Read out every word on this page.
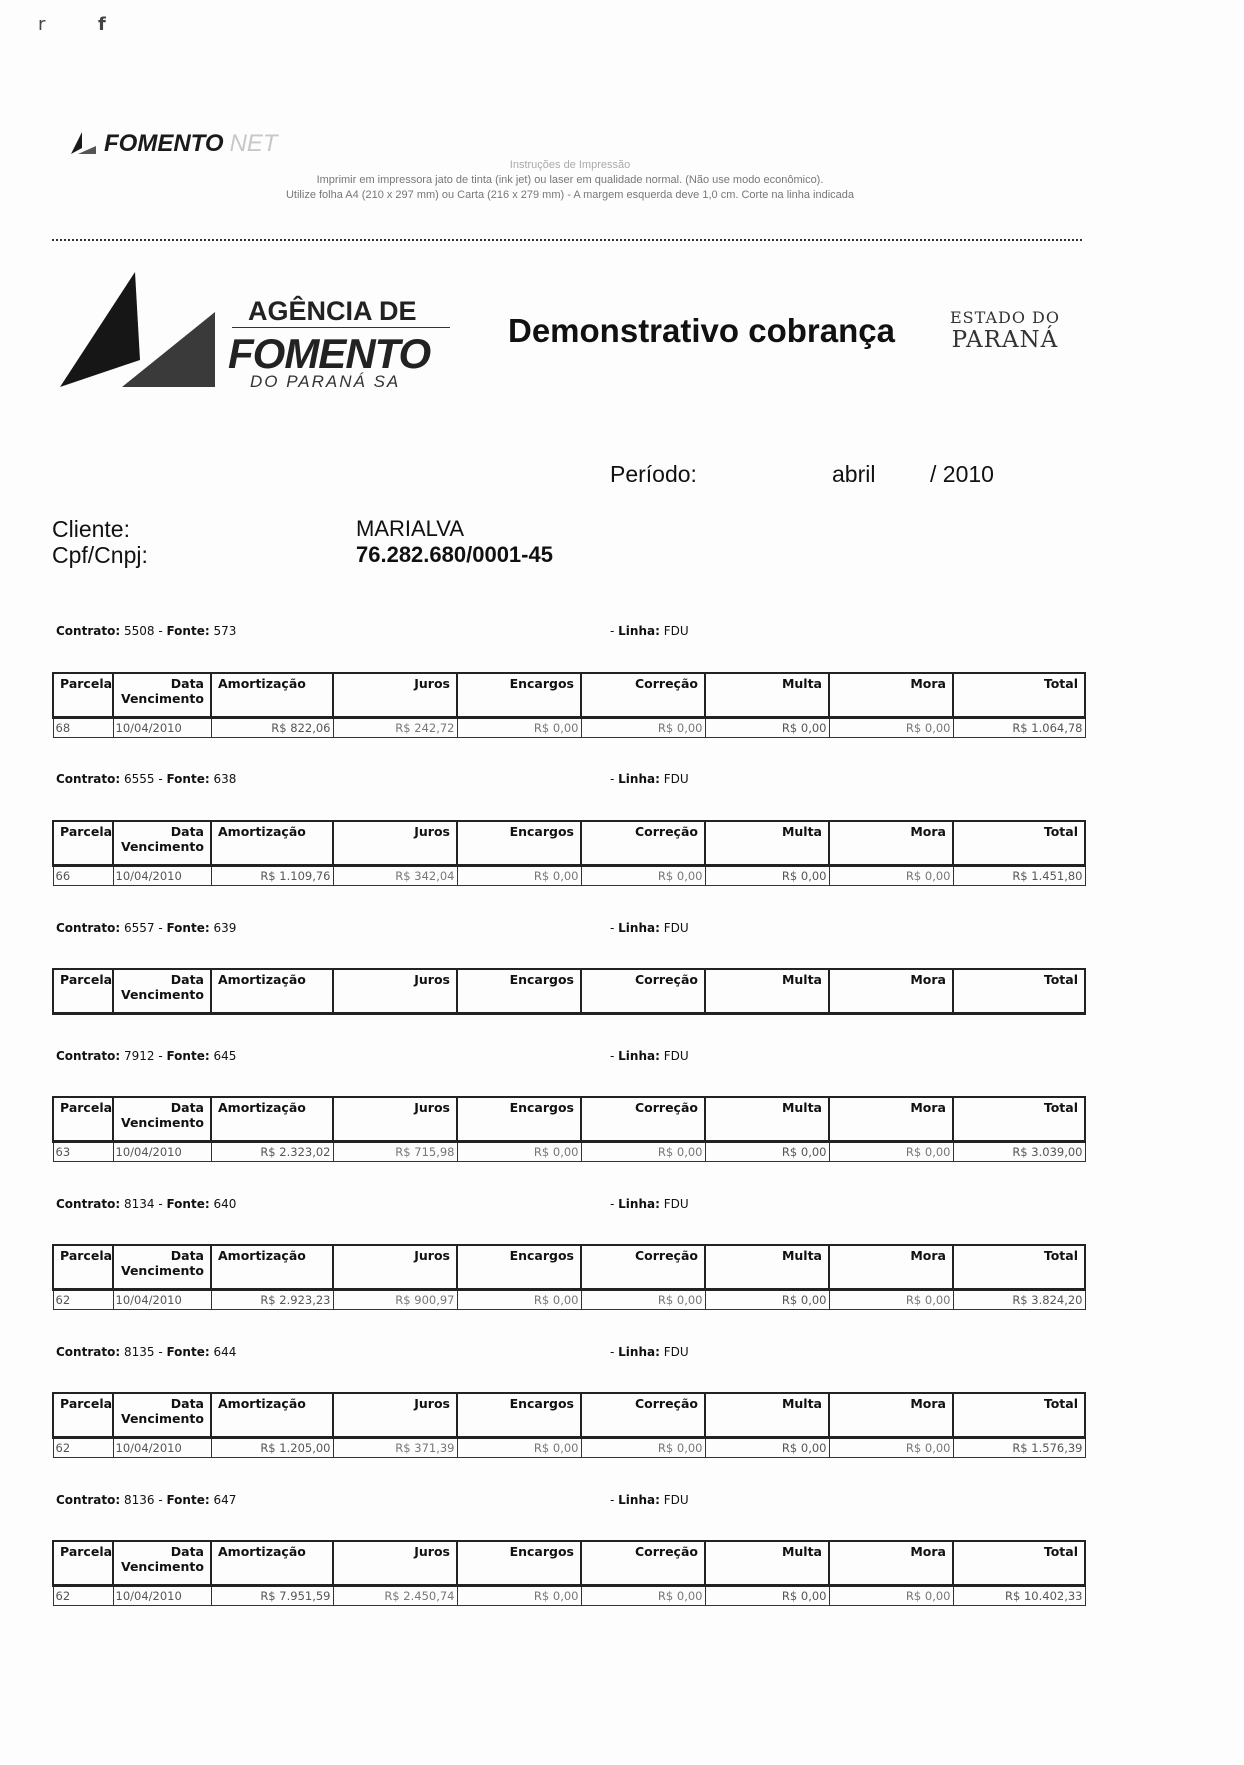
r	f
FOMENTO NET
Instruções de Impressão
Imprimir em impressora jato de tinta (ink jet) ou laser em qualidade normal. (Não use modo econômico).
Utilize folha A4 (210 x 297 mm) ou Carta (216 x 279 mm) - A margem esquerda deve 1,0 cm. Corte na linha indicada
AGÊNCIA DE
FOMENTO
DO PARANÁ SA
Demonstrativo cobrança	ESTADO DO
PARANÁ
Período:	abril / 2010
Cliente:
Cpf/Cnpj:
MARIALVA
76.282.680/0001-45
Contrato: 5508 - Fonte: 573	- Linha: FDU
Parcela	Data
Vencimento	Amortização	Juros	Encargos	Correção	Multa	Mora	Total
68	10/04/2010	R$ 822,06	R$ 242,72	R$ 0,00	R$ 0,00	R$ 0,00	R$ 0,00	R$ 1.064,78
Contrato: 6555 - Fonte: 638	- Linha: FDU
Parcela	Data
Vencimento	Amortização	Juros	Encargos	Correção	Multa	Mora	Total
66	10/04/2010	R$ 1.109,76	R$ 342,04	R$ 0,00	R$ 0,00	R$ 0,00	R$ 0,00	R$ 1.451,80
Contrato: 6557 - Fonte: 639	- Linha: FDU
Parcela	Data
Vencimento
	Amortização	Juros	Encargos	Correção	Multa	Mora	Total
Contrato: 7912 - Fonte: 645	- Linha: FDU
Parcela	Data
Vencimento	Amortização	Juros	Encargos	Correção	Multa	Mora	Total
63	10/04/2010	R$ 2.323,02	R$ 715,98	R$ 0,00	R$ 0,00	R$ 0,00	R$ 0,00	R$ 3.039,00
Contrato: 8134 - Fonte: 640	- Linha: FDU
Parcela	Data
Vencimento	Amortização	Juros	Encargos	Correção	Multa	Mora	Total
62	10/04/2010	R$ 2.923,23	R$ 900,97	R$ 0,00	R$ 0,00	R$ 0,00	R$ 0,00	R$ 3.824,20
Contrato: 8135 - Fonte: 644	- Linha: FDU
Parcela	Data
Vencimento	Amortização	Juros	Encargos	Correção	Multa	Mora	Total
62	10/04/2010	R$ 1.205,00	R$ 371,39	R$ 0,00	R$ 0,00	R$ 0,00	R$ 0,00	R$ 1.576,39
Contrato: 8136 - Fonte: 647	- Linha: FDU
Parcela	Data
Vencimento	Amortização	Juros	Encargos	Correção	Multa	Mora	Total
62	10/04/2010	R$ 7.951,59	R$ 2.450,74	R$ 0,00	R$ 0,00	R$ 0,00	R$ 0,00	R$ 10.402,33
